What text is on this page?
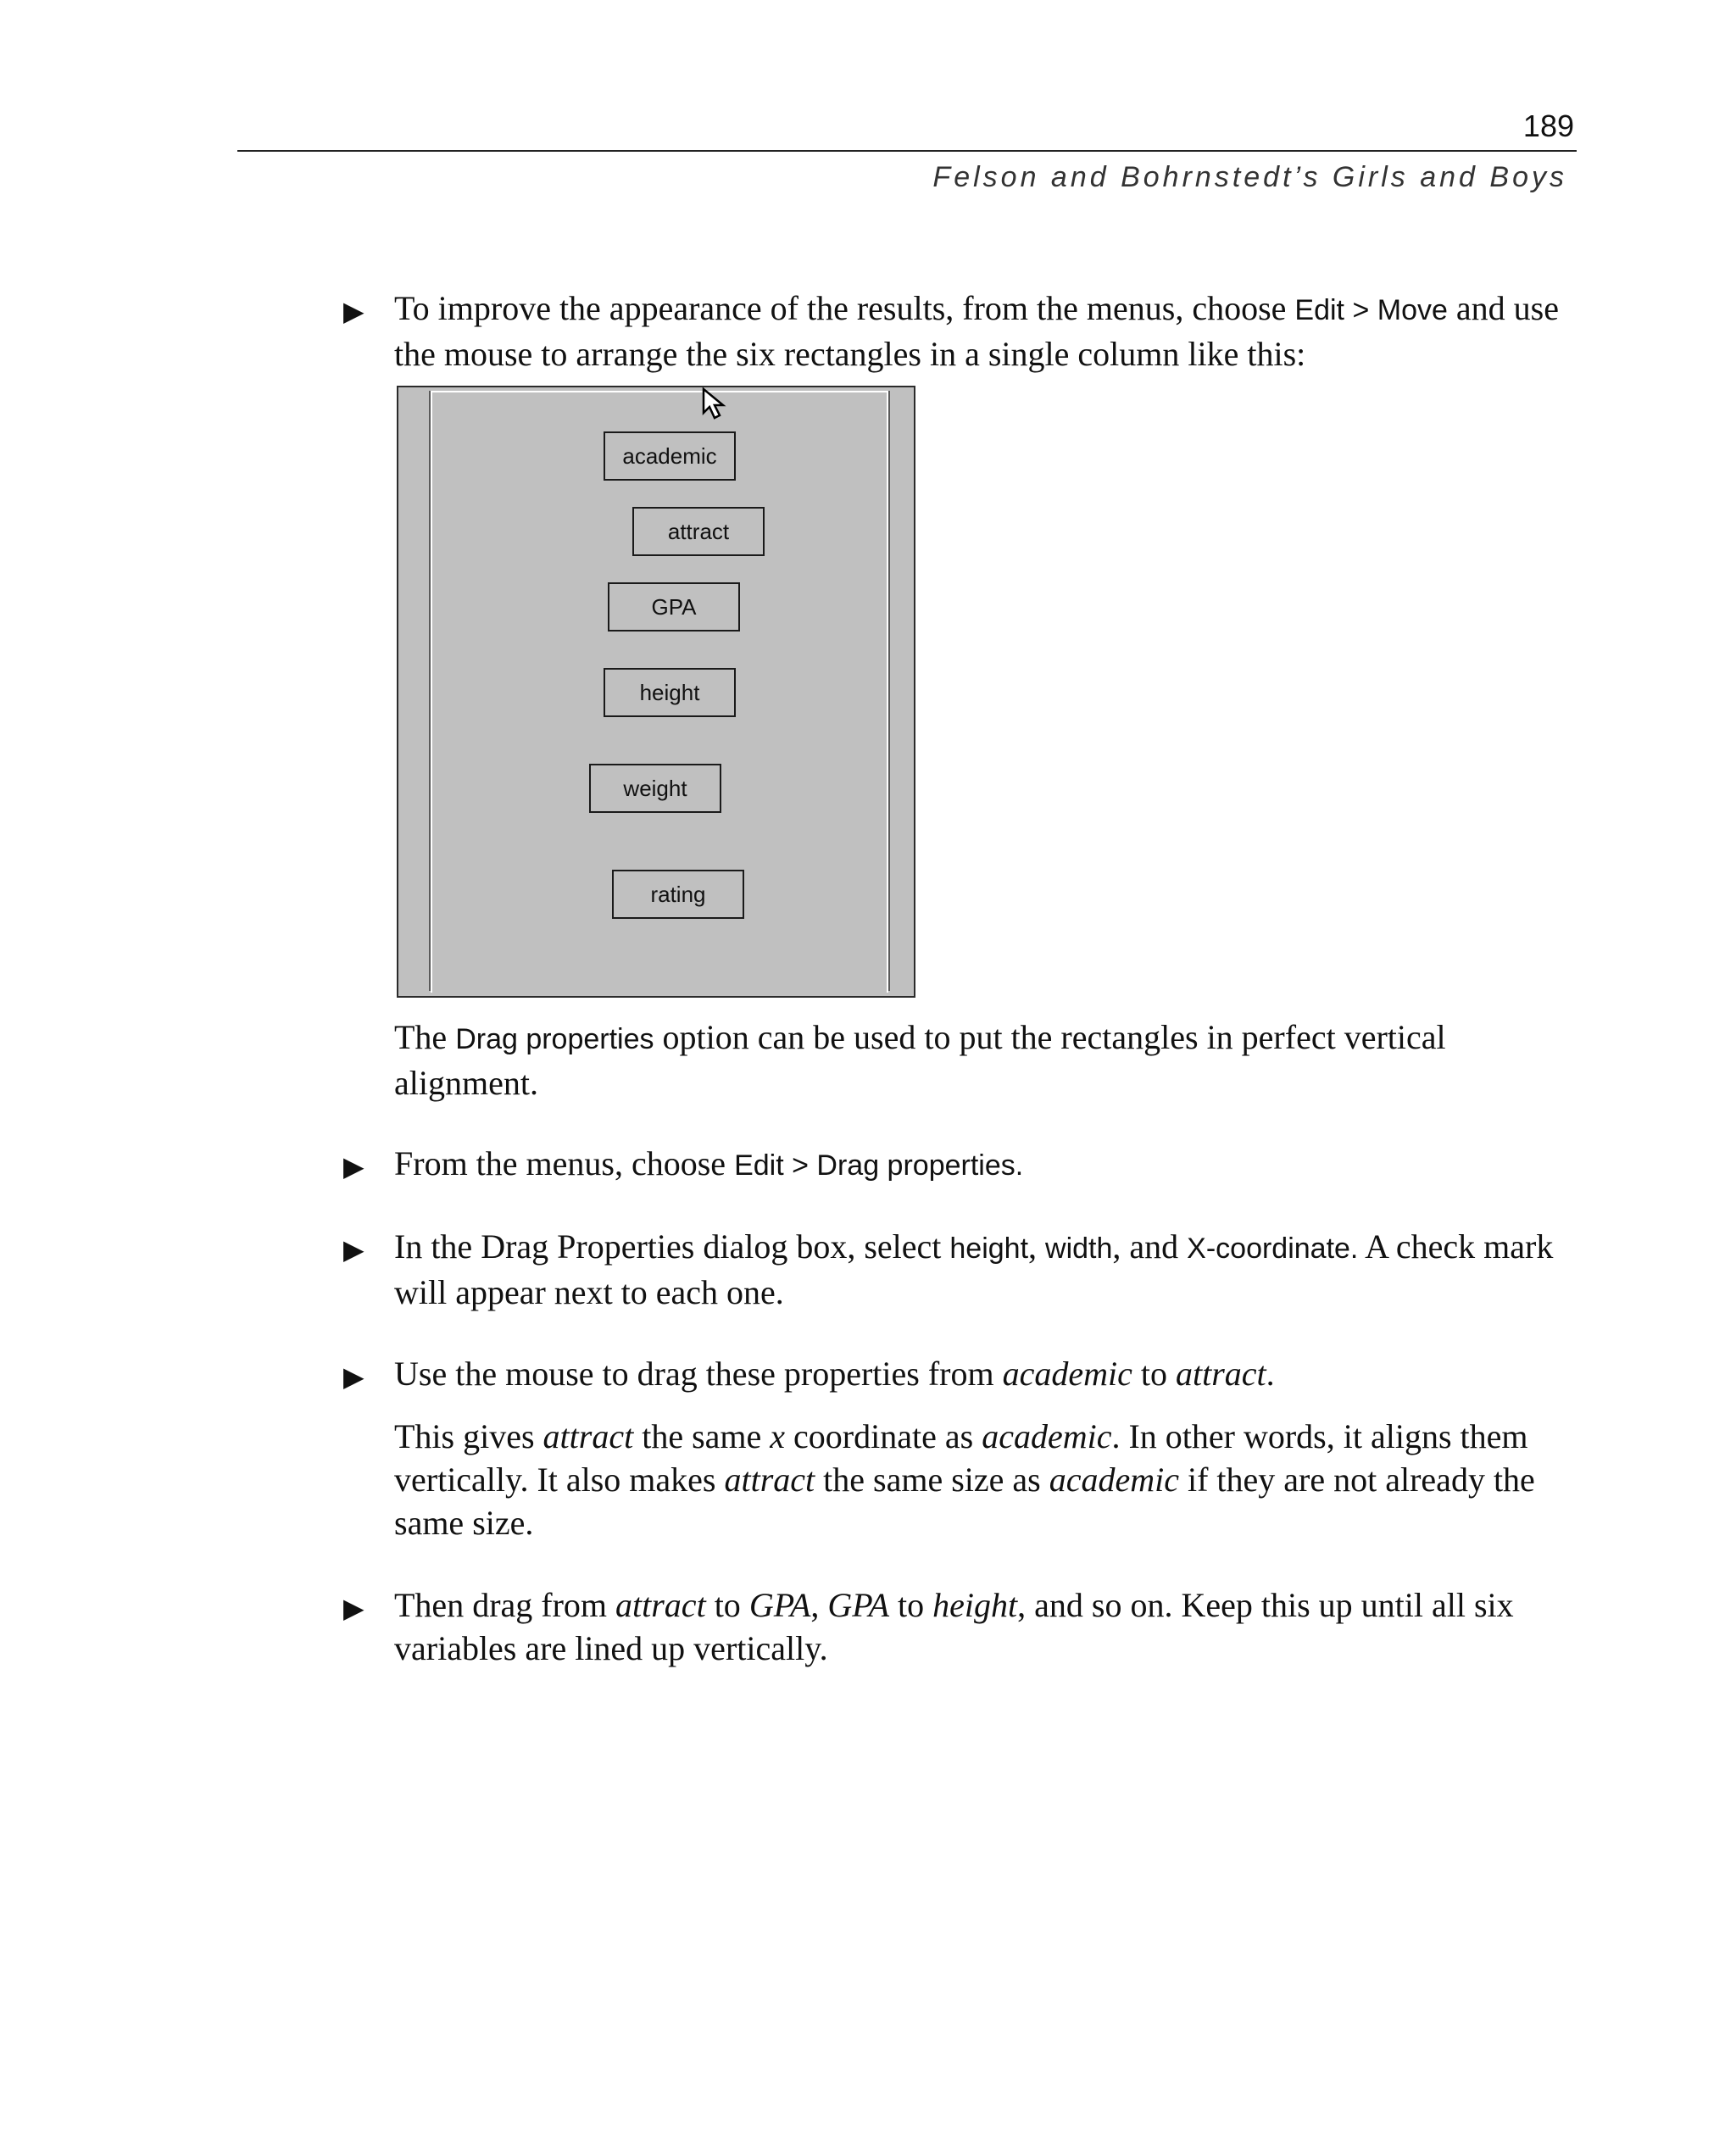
189
Felson and Bohrnstedt’s Girls and Boys
▶ To improve the appearance of the results, from the menus, choose Edit > Move and use the mouse to arrange the six rectangles in a single column like this:
academic
attract
GPA
height
weight
rating
The Drag properties option can be used to put the rectangles in perfect vertical alignment.
▶ From the menus, choose Edit > Drag properties.
▶ In the Drag Properties dialog box, select height, width, and X-coordinate. A check mark will appear next to each one.
▶ Use the mouse to drag these properties from academic to attract.
This gives attract the same x coordinate as academic. In other words, it aligns them vertically. It also makes attract the same size as academic if they are not already the same size.
▶ Then drag from attract to GPA, GPA to height, and so on. Keep this up until all six variables are lined up vertically.
